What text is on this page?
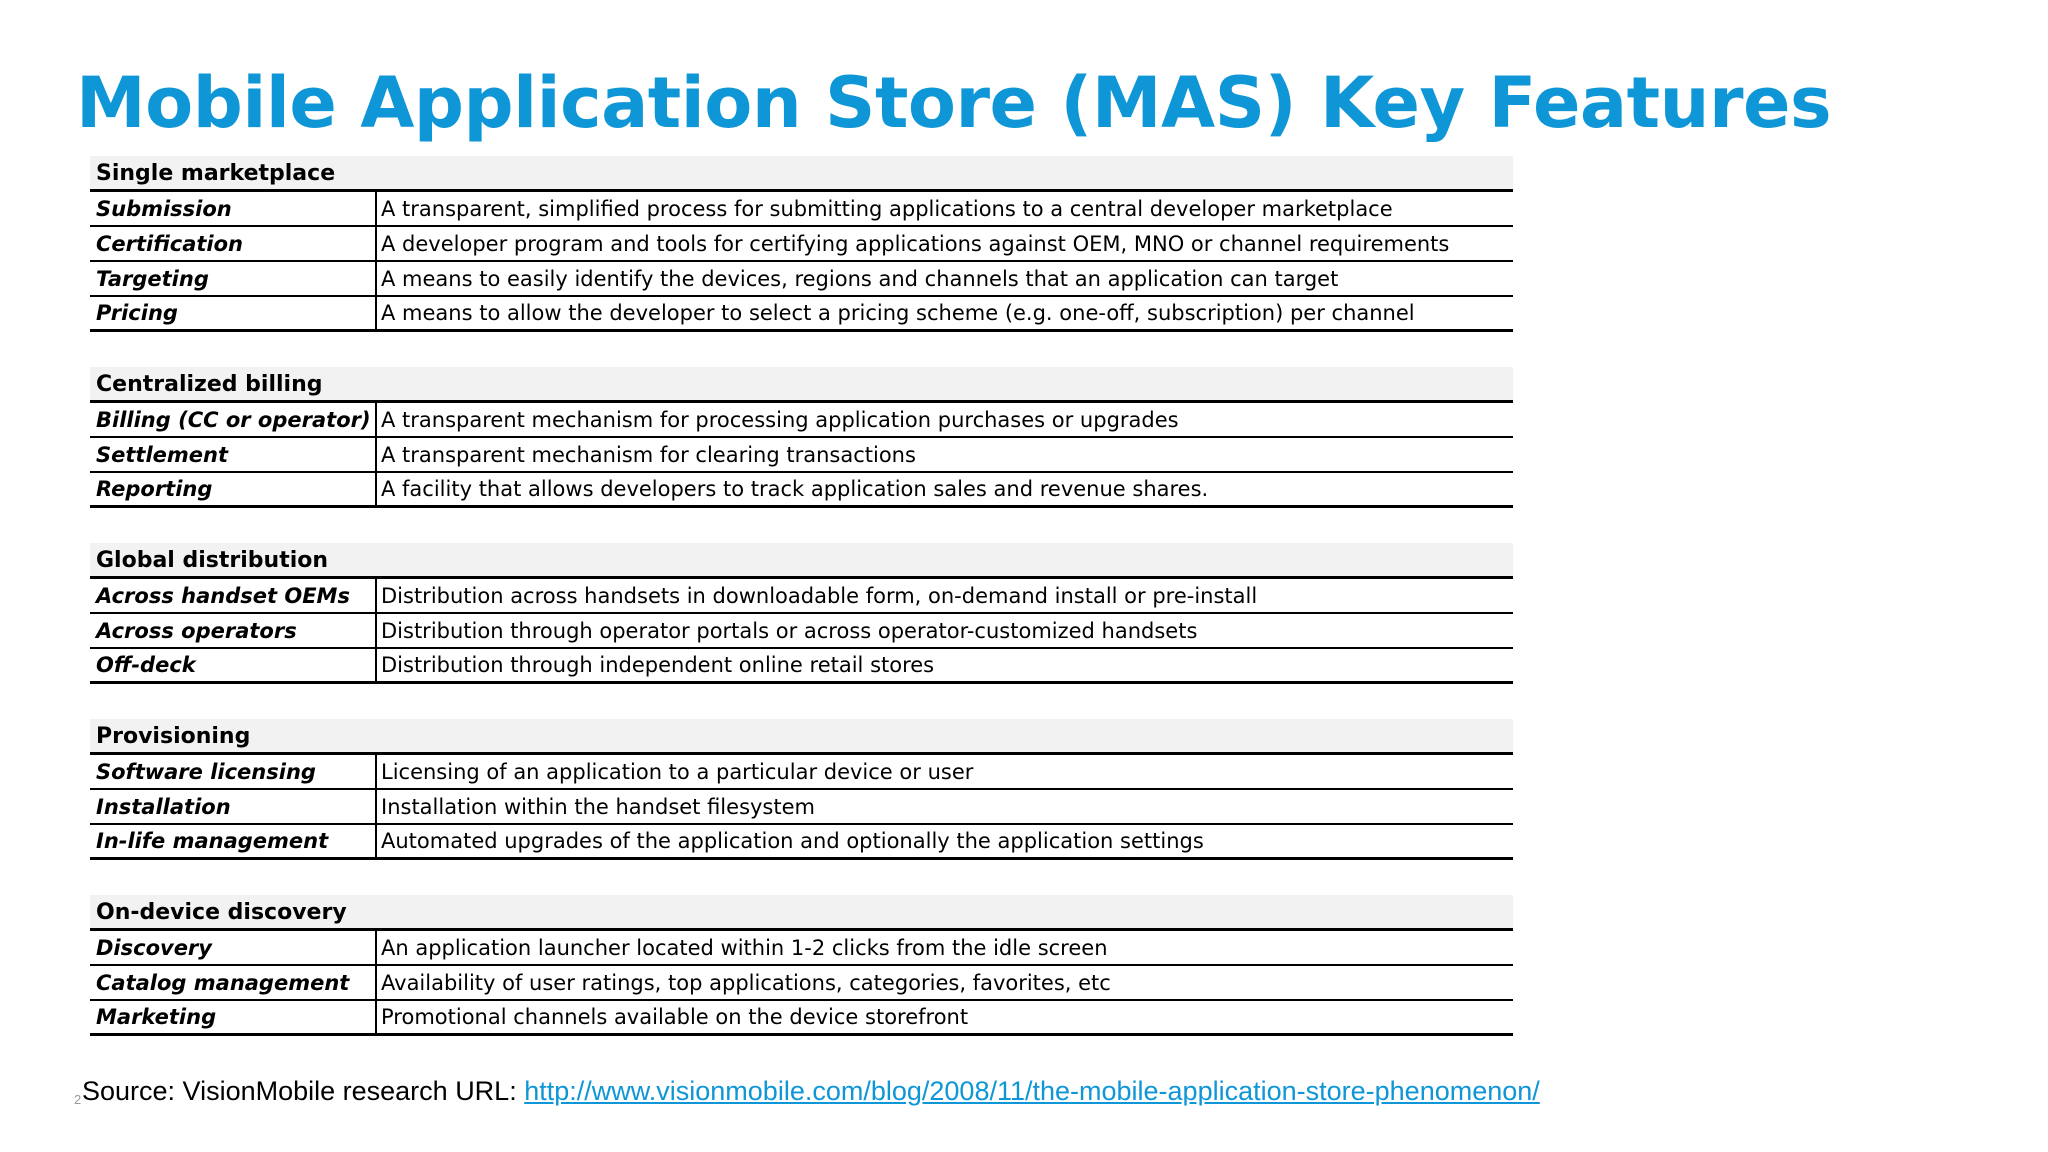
Mobile Application Store (MAS) Key Features
Single marketplace
Submission	A transparent, simplified process for submitting applications to a central developer marketplace
Certification	A developer program and tools for certifying applications against OEM, MNO or channel requirements
Targeting	A means to easily identify the devices, regions and channels that an application can target
Pricing	A means to allow the developer to select a pricing scheme (e.g. one-off, subscription) per channel
Centralized billing
Billing (CC or operator) A transparent mechanism for processing application purchases or upgrades
Settlement	A transparent mechanism for clearing transactions
Reporting	A facility that allows developers to track application sales and revenue shares.
Global distribution
Across handset OEMs	Distribution across handsets in downloadable form, on-demand install or pre-install
Across operators	Distribution through operator portals or across operator-customized handsets
Off-deck	Distribution through independent online retail stores
Provisioning
Software licensing	Licensing of an application to a particular device or user
Installation	Installation within the handset filesystem
In-life management	Automated upgrades of the application and optionally the application settings
On-device discovery
Discovery	An application launcher located within 1-2 clicks from the idle screen
Catalog management	Availability of user ratings, top applications, categories, favorites, etc
Marketing	Promotional channels available on the device storefront
2 Source: VisionMobile research URL: http://www.visionmobile.com/blog/2008/11/the-mobile-application-store-phenomenon/
